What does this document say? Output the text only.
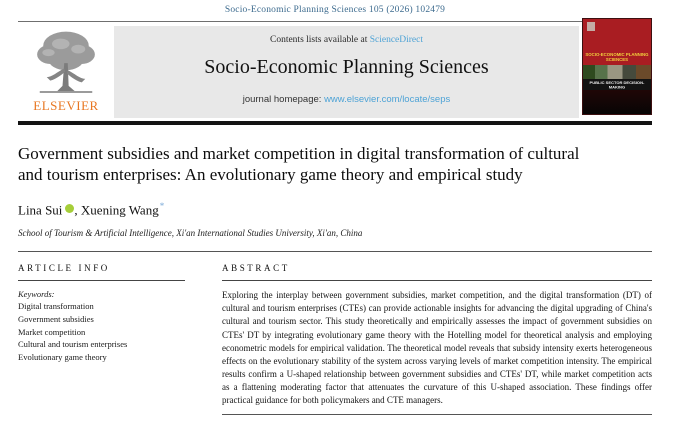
Socio-Economic Planning Sciences 105 (2026) 102479
ELSEVIER
Contents lists available at ScienceDirect
Socio-Economic Planning Sciences
journal homepage: www.elsevier.com/locate/seps
SOCIO-ECONOMIC PLANNING SCIENCES
PUBLIC SECTOR DECISION-MAKING
Government subsidies and market competition in digital transformation of cultural and tourism enterprises: An evolutionary game theory and empirical study
Lina Sui , Xuening Wang*
School of Tourism & Artificial Intelligence, Xi'an International Studies University, Xi'an, China
ARTICLE INFO
Keywords:
Digital transformation
Government subsidies
Market competition
Cultural and tourism enterprises
Evolutionary game theory
ABSTRACT
Exploring the interplay between government subsidies, market competition, and the digital transformation (DT) of cultural and tourism enterprises (CTEs) can provide actionable insights for advancing the digital upgrading of China's cultural and tourism sector. This study theoretically and empirically assesses the impact of government subsidies on CTEs' DT by integrating evolutionary game theory with the Hotelling model for theoretical analysis and employing econometric models for empirical validation. The theoretical model reveals that subsidy intensity exerts heterogeneous effects on the evolutionary stability of the system across varying levels of market competition intensity. The empirical results confirm a U-shaped relationship between government subsidies and CTEs' DT, while market competition acts as a flattening moderating factor that attenuates the curvature of this U-shaped association. These findings offer practical guidance for both policymakers and CTE managers.
